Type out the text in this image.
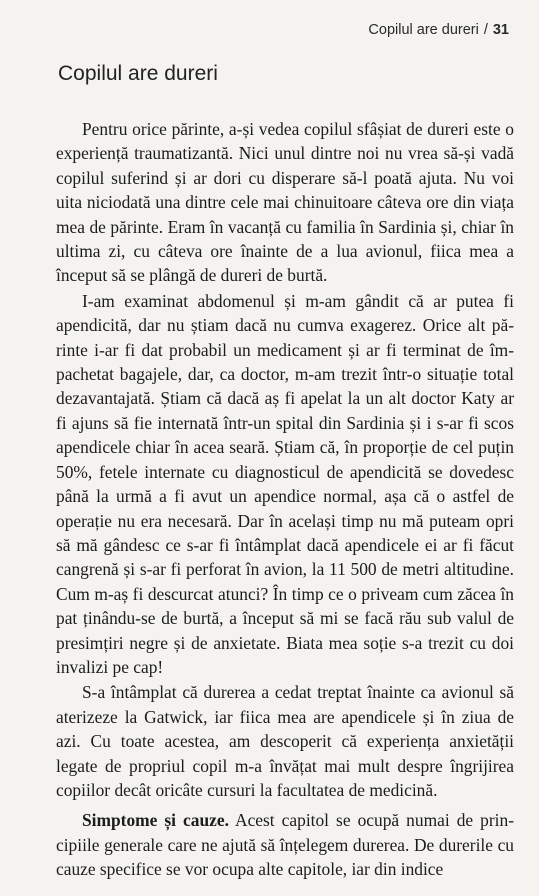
Copilul are dureri / 31
Copilul are dureri

Pentru orice părinte, a-și vedea copilul sfâșiat de dureri este o experiență traumatizantă. Nici unul dintre noi nu vrea să-și vadă copilul suferind și ar dori cu disperare să-l poată ajuta. Nu voi uita niciodată una dintre cele mai chinuitoare câteva ore din viața mea de părinte. Eram în vacanță cu familia în Sardinia și, chiar în ultima zi, cu câteva ore înainte de a lua avionul, fiica mea a început să se plângă de dureri de burtă.

I-am examinat abdomenul și m-am gândit că ar putea fi apendicită, dar nu știam dacă nu cumva exagerez. Orice alt părinte i-ar fi dat probabil un medicament și ar fi terminat de împachetat bagajele, dar, ca doctor, m-am trezit într-o situație total dezavantajată. Știam că dacă aș fi apelat la un alt doctor Katy ar fi ajuns să fie internată într-un spital din Sardinia și i s-ar fi scos apendicele chiar în acea seară. Știam că, în proporție de cel puțin 50%, fetele internate cu diagnosticul de apendicită se dovedesc până la urmă a fi avut un apendice normal, așa că o astfel de operație nu era necesară. Dar în același timp nu mă puteam opri să mă gândesc ce s-ar fi întâmplat dacă apendicele ei ar fi făcut cangrenă și s-ar fi perforat în avion, la 11 500 de metri altitudine. Cum m-aș fi descurcat atunci? În timp ce o priveam cum zăcea în pat ținându-se de burtă, a început să mi se facă rău sub valul de presimțiri negre și de anxietate. Biata mea soție s-a trezit cu doi invalizi pe cap!

S-a întâmplat că durerea a cedat treptat înainte ca avionul să aterizeze la Gatwick, iar fiica mea are apendicele și în ziua de azi. Cu toate acestea, am descoperit că experiența anxietății legate de propriul copil m-a învățat mai mult despre îngrijirea copiilor decât oricâte cursuri la facultatea de medicină.

Simptome și cauze. Acest capitol se ocupă numai de principiile generale care ne ajută să înțelegem durerea. De durerile cu cauze specifice se vor ocupa alte capitole, iar din indice
